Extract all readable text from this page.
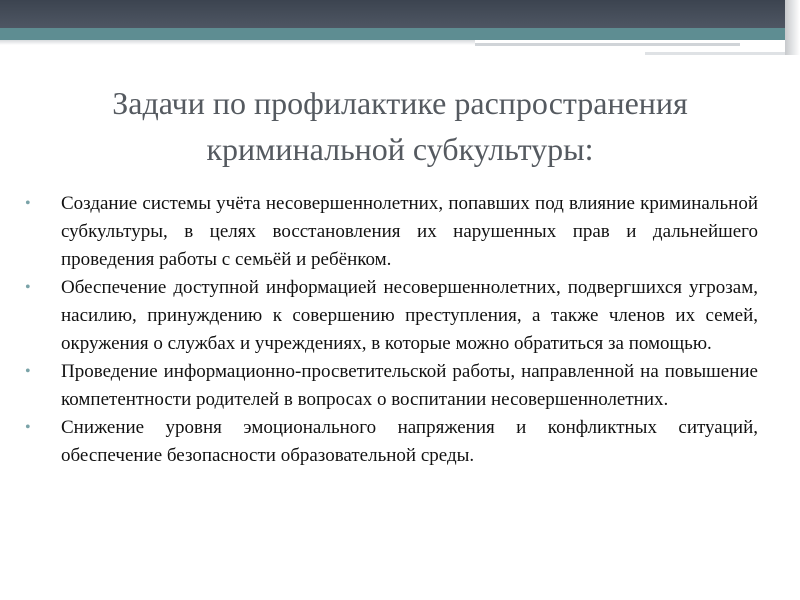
Задачи по профилактике распространения криминальной субкультуры:
•	Создание системы учёта несовершеннолетних, попавших под влияние криминальной субкультуры, в целях восстановления их нарушенных прав и дальнейшего проведения работы с семьёй и ребёнком.
•	Обеспечение доступной информацией несовершеннолетних, подвергшихся угрозам, насилию, принуждению к совершению преступления, а также членов их семей, окружения о службах и учреждениях, в которые можно обратиться за помощью.
•	Проведение информационно-просветительской работы, направленной на повышение компетентности родителей в вопросах о воспитании несовершеннолетних.
•	Снижение уровня эмоционального напряжения и конфликтных ситуаций, обеспечение безопасности образовательной среды.
